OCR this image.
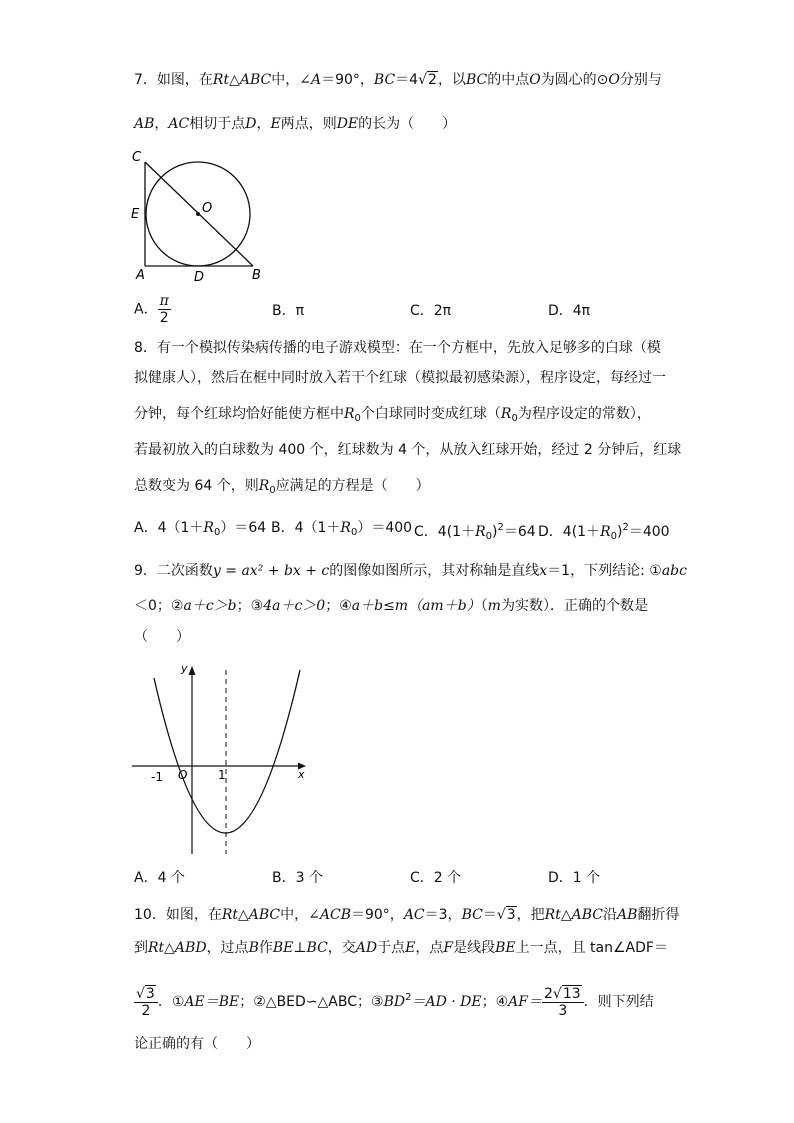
7．如图，在Rt△ABC中，∠A＝90°，BC＝4√2，以BC的中点O为圆心的⊙O分别与
AB，AC相切于点D，E两点，则DE的长为（　　）
C
E
A	D	B
O
A． $\frac{\pi}{2}$	B．π	C．2π	D．4π
8．有一个模拟传染病传播的电子游戏模型：在一个方框中，先放入足够多的白球（模
拟健康人），然后在框中同时放入若干个红球（模拟最初感染源），程序设定，每经过一
分钟，每个红球均恰好能使方框中$R_0$个白球同时变成红球（$R_0$为程序设定的常数），
若最初放入的白球数为 400 个，红球数为 4 个，从放入红球开始，经过 2 分钟后，红球
总数变为 64 个，则$R_0$应满足的方程是（　　）
A．$4(1+R_0)=64$ B．$4(1+R_0)=400$ C．$4(1+R_0)^2=64$ D．$4(1+R_0)^2=400$
9．二次函数y = ax² + bx + c的图像如图所示，其对称轴是直线x＝1，下列结论: ①abc
＜0；②a＋c＞b；③4a＋c＞0；④a＋b≤m（am＋b）（m为实数）．正确的个数是
（　　）
y
x
O
-1	1
A．4 个	B．3 个	C．2 个	D．1 个
10．如图，在Rt△ABC中，∠ACB＝90°，AC＝3，BC＝√3，把Rt△ABC沿AB翻折得
到Rt△ABD，过点B作BE⊥BC，交AD于点E，点F是线段BE上一点，且 tan∠ADF＝
$\frac{√3}{2}$ ．①AE＝BE；②△BED∽△ABC；$③BD^2=AD$ · DE；④AF＝ $\frac{2√13}{3}$ ．则下列结
论正确的有（　　）
